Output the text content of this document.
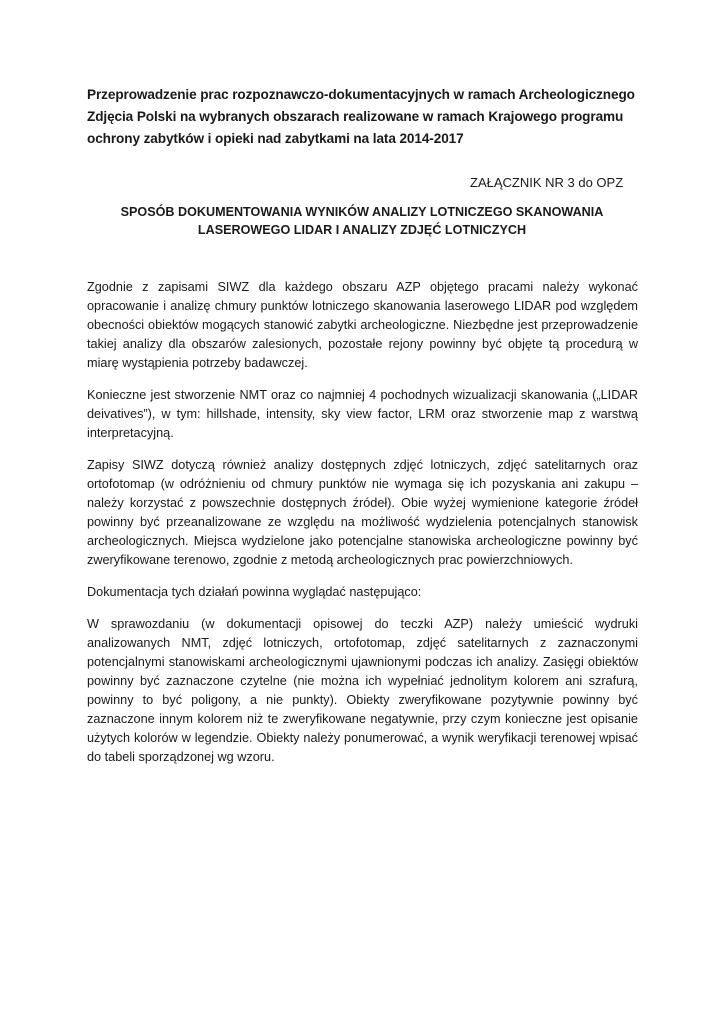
Przeprowadzenie prac rozpoznawczo-dokumentacyjnych w ramach Archeologicznego Zdjęcia Polski na wybranych obszarach realizowane w ramach Krajowego programu ochrony zabytków i opieki nad zabytkami na lata 2014-2017
ZAŁĄCZNIK NR 3 do OPZ
SPOSÓB DOKUMENTOWANIA WYNIKÓW ANALIZY LOTNICZEGO SKANOWANIA LASEROWEGO LIDAR I ANALIZY ZDJĘĆ LOTNICZYCH

Zgodnie z zapisami SIWZ dla każdego obszaru AZP objętego pracami należy wykonać opracowanie i analizę chmury punktów lotniczego skanowania laserowego LIDAR pod względem obecności obiektów mogących stanowić zabytki archeologiczne. Niezbędne jest przeprowadzenie takiej analizy dla obszarów zalesionych, pozostałe rejony powinny być objęte tą procedurą w miarę wystąpienia potrzeby badawczej.

Konieczne jest stworzenie NMT oraz co najmniej 4 pochodnych wizualizacji skanowania („LIDAR deivatives”), w tym: hillshade, intensity, sky view factor, LRM oraz stworzenie map z warstwą interpretacyjną.

Zapisy SIWZ dotyczą również analizy dostępnych zdjęć lotniczych, zdjęć satelitarnych oraz ortofotomap (w odróżnieniu od chmury punktów nie wymaga się ich pozyskania ani zakupu – należy korzystać z powszechnie dostępnych źródeł). Obie wyżej wymienione kategorie źródeł powinny być przeanalizowane ze względu na możliwość wydzielenia potencjalnych stanowisk archeologicznych. Miejsca wydzielone jako potencjalne stanowiska archeologiczne powinny być zweryfikowane terenowo, zgodnie z metodą archeologicznych prac powierzchniowych.

Dokumentacja tych działań powinna wyglądać następująco:

W sprawozdaniu (w dokumentacji opisowej do teczki AZP) należy umieścić wydruki analizowanych NMT, zdjęć lotniczych, ortofotomap, zdjęć satelitarnych z zaznaczonymi potencjalnymi stanowiskami archeologicznymi ujawnionymi podczas ich analizy. Zasięgi obiektów powinny być zaznaczone czytelne (nie można ich wypełniać jednolitym kolorem ani szrafurą, powinny to być poligony, a nie punkty). Obiekty zweryfikowane pozytywnie powinny być zaznaczone innym kolorem niż te zweryfikowane negatywnie, przy czym konieczne jest opisanie użytych kolorów w legendzie. Obiekty należy ponumerować, a wynik weryfikacji terenowej wpisać do tabeli sporządzonej wg wzoru.
